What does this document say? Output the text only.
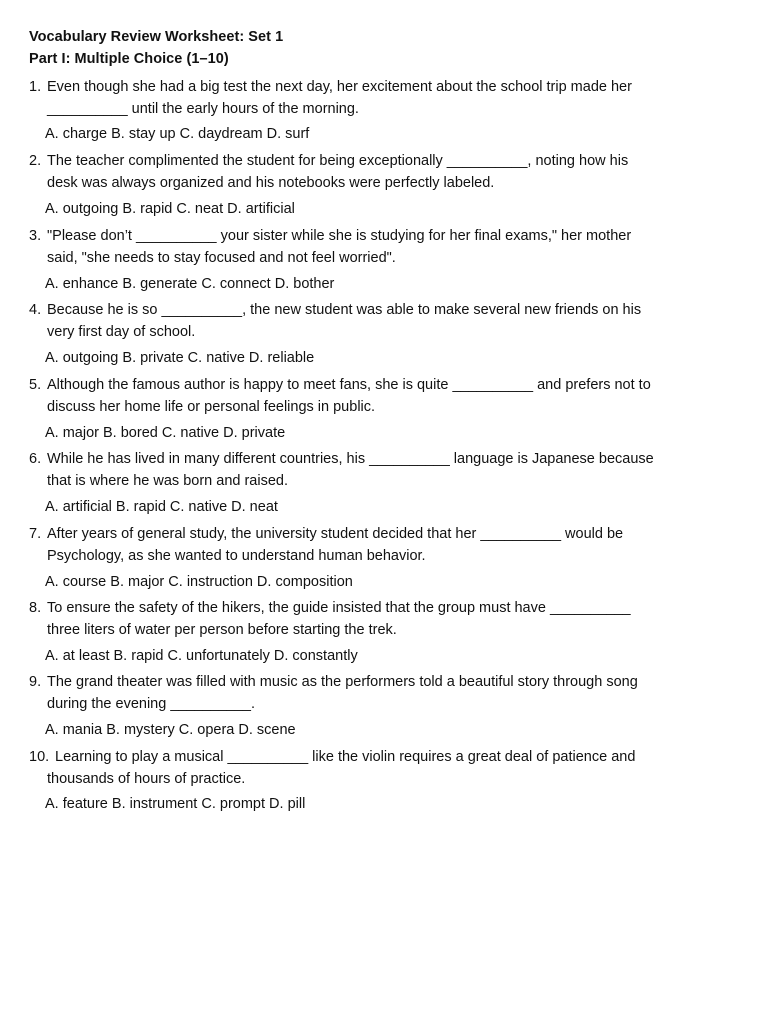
Vocabulary Review Worksheet: Set 1
Part I: Multiple Choice (1–10)
1. Even though she had a big test the next day, her excitement about the school trip made her
__________ until the early hours of the morning.
A. charge B. stay up C. daydream D. surf
2. The teacher complimented the student for being exceptionally __________, noting how his
desk was always organized and his notebooks were perfectly labeled.
A. outgoing B. rapid C. neat D. artificial
3. "Please don’t __________ your sister while she is studying for her final exams," her mother
said, "she needs to stay focused and not feel worried".
A. enhance B. generate C. connect D. bother
4. Because he is so __________, the new student was able to make several new friends on his
very first day of school.
A. outgoing B. private C. native D. reliable
5. Although the famous author is happy to meet fans, she is quite __________ and prefers not to
discuss her home life or personal feelings in public.
A. major B. bored C. native D. private
6. While he has lived in many different countries, his __________ language is Japanese because
that is where he was born and raised.
A. artificial B. rapid C. native D. neat
7. After years of general study, the university student decided that her __________ would be
Psychology, as she wanted to understand human behavior.
A. course B. major C. instruction D. composition
8. To ensure the safety of the hikers, the guide insisted that the group must have __________
three liters of water per person before starting the trek.
A. at least B. rapid C. unfortunately D. constantly
9. The grand theater was filled with music as the performers told a beautiful story through song
during the evening __________.
A. mania B. mystery C. opera D. scene
10. Learning to play a musical __________ like the violin requires a great deal of patience and
thousands of hours of practice.
A. feature B. instrument C. prompt D. pill
